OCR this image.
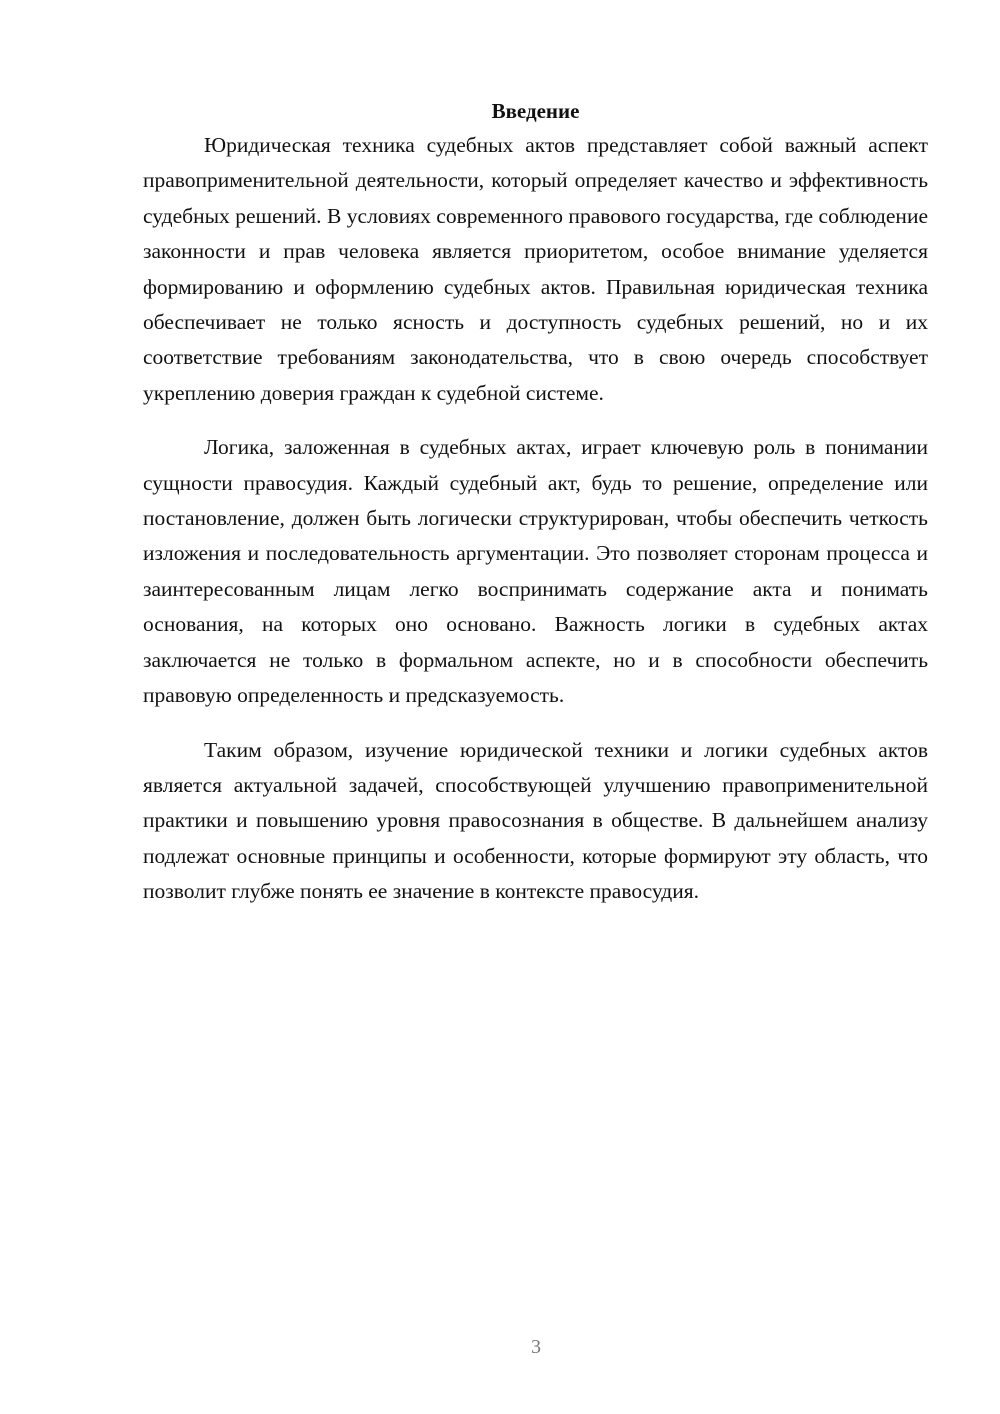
Введение

Юридическая техника судебных актов представляет собой важный аспект правоприменительной деятельности, который определяет качество и эффективность судебных решений. В условиях современного правового государства, где соблюдение законности и прав человека является приоритетом, особое внимание уделяется формированию и оформлению судебных актов. Правильная юридическая техника обеспечивает не только ясность и доступность судебных решений, но и их соответствие требованиям законодательства, что в свою очередь способствует укреплению доверия граждан к судебной системе.

Логика, заложенная в судебных актах, играет ключевую роль в понимании сущности правосудия. Каждый судебный акт, будь то решение, определение или постановление, должен быть логически структурирован, чтобы обеспечить четкость изложения и последовательность аргументации. Это позволяет сторонам процесса и заинтересованным лицам легко воспринимать содержание акта и понимать основания, на которых оно основано. Важность логики в судебных актах заключается не только в формальном аспекте, но и в способности обеспечить правовую определенность и предсказуемость.

Таким образом, изучение юридической техники и логики судебных актов является актуальной задачей, способствующей улучшению правоприменительной практики и повышению уровня правосознания в обществе. В дальнейшем анализу подлежат основные принципы и особенности, которые формируют эту область, что позволит глубже понять ее значение в контексте правосудия.

3
